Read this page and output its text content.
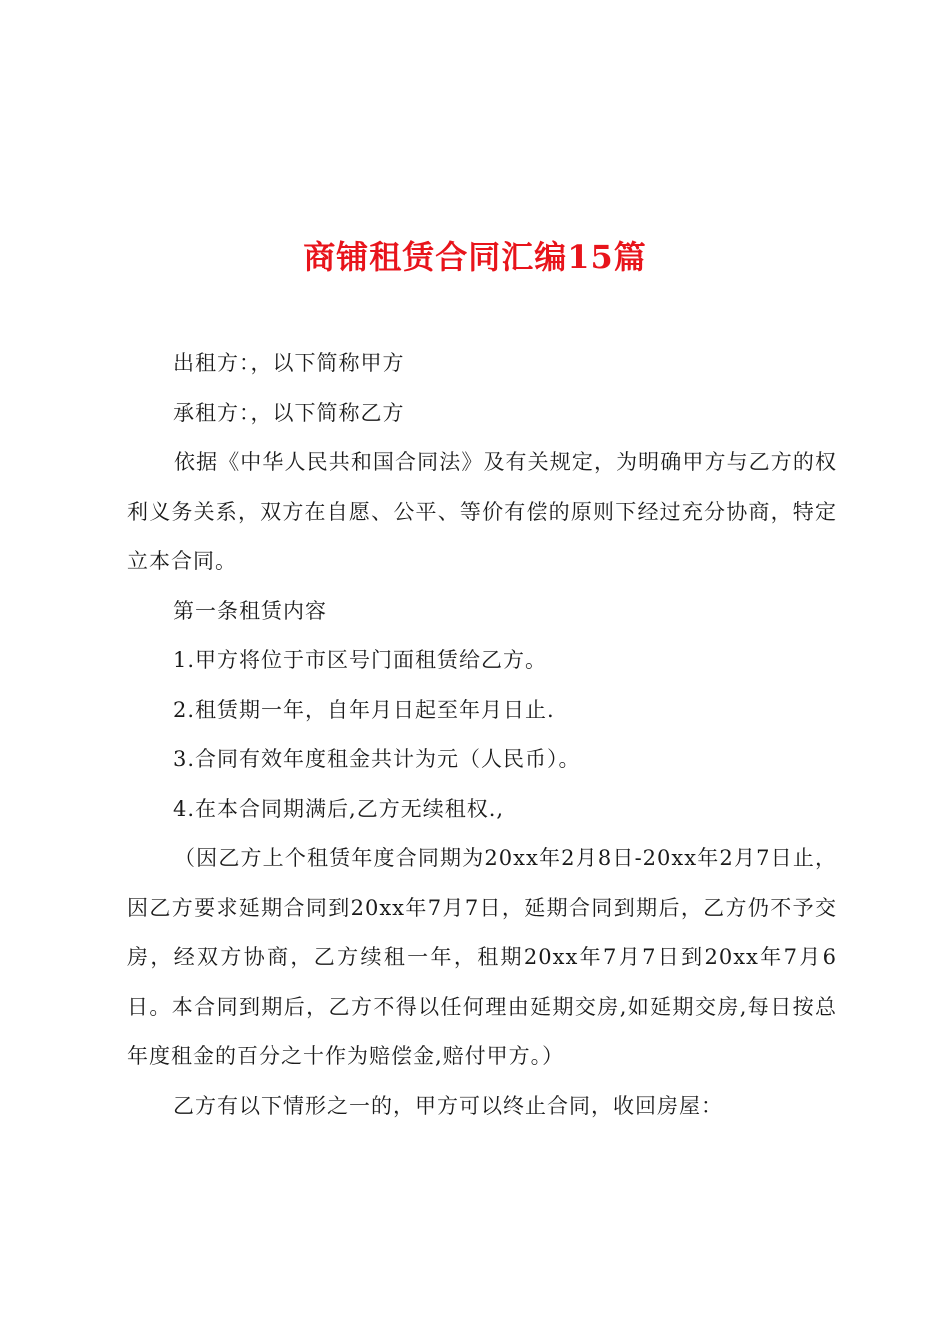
商铺租赁合同汇编15篇

出租方：，以下简称甲方

承租方：，以下简称乙方

依据《中华人民共和国合同法》及有关规定，为明确甲方与乙方的权利义务关系，双方在自愿、公平、等价有偿的原则下经过充分协商，特定立本合同。

第一条租赁内容

1.甲方将位于市区号门面租赁给乙方。

2.租赁期一年，自年月日起至年月日止.

3.合同有效年度租金共计为元（人民币）。

4.在本合同期满后,乙方无续租权.,

（因乙方上个租赁年度合同期为20xx年2月8日-20xx年2月7日止，因乙方要求延期合同到20xx年7月7日，延期合同到期后，乙方仍不予交房，经双方协商，乙方续租一年，租期20xx年7月7日到20xx年7月6日。本合同到期后，乙方不得以任何理由延期交房,如延期交房,每日按总年度租金的百分之十作为赔偿金,赔付甲方。）

乙方有以下情形之一的，甲方可以终止合同，收回房屋：
